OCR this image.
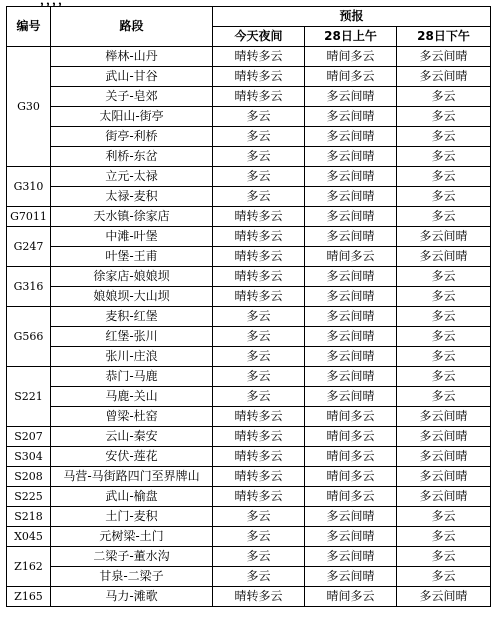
，，，，
编号	路段	预报		
		今天夜间	28日上午	28日下午
G30	榉林-山丹	晴转多云	晴间多云	多云间晴
	武山-甘谷	晴转多云	晴间多云	多云间晴
	关子-皂郊	晴转多云	多云间晴	多云
	太阳山-街亭	多云	多云间晴	多云
	街亭-利桥	多云	多云间晴	多云
	利桥-东岔	多云	多云间晴	多云
G310	立元-太禄	多云	多云间晴	多云
	太禄-麦积	多云	多云间晴	多云
G7011	天水镇-徐家店	晴转多云	多云间晴	多云
G247	中滩-叶堡	晴转多云	多云间晴	多云间晴
	叶堡-王甫	晴转多云	晴间多云	多云间晴
G316	徐家店-娘娘坝	晴转多云	多云间晴	多云
	娘娘坝-大山坝	晴转多云	多云间晴	多云
G566	麦积-红堡	多云	多云间晴	多云
	红堡-张川	多云	多云间晴	多云
	张川-庄浪	多云	多云间晴	多云
S221	恭门-马鹿	多云	多云间晴	多云
	马鹿-关山	多云	多云间晴	多云
	曾梁-杜窑	晴转多云	晴间多云	多云间晴
S207	云山-秦安	晴转多云	晴间多云	多云间晴
S304	安伏-莲花	晴转多云	晴间多云	多云间晴
S208	马营-马街路四门至界牌山	晴转多云	晴间多云	多云间晴
S225	武山-榆盘	晴转多云	晴间多云	多云间晴
S218	土门-麦积	多云	多云间晴	多云
X045	元树梁-土门	多云	多云间晴	多云
Z162	二梁子-董水沟	多云	多云间晴	多云
	甘泉-二梁子	多云	多云间晴	多云
Z165	马力-滩歌	晴转多云	晴间多云	多云间晴
